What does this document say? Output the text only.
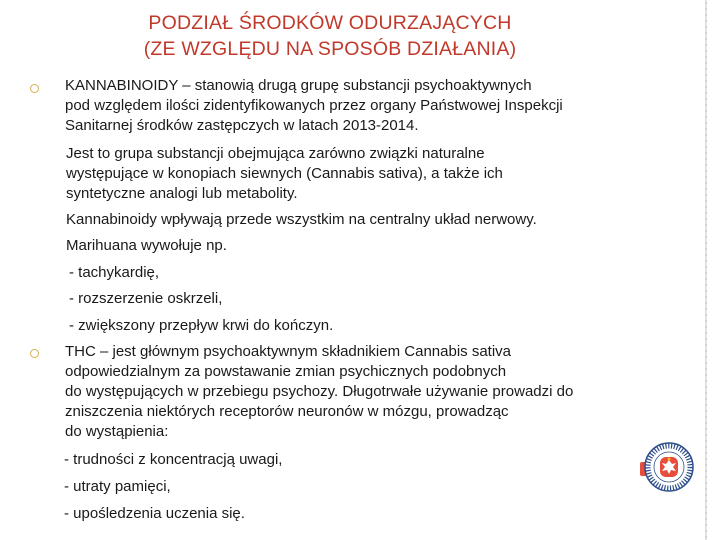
PODZIAŁ ŚRODKÓW ODURZAJĄCYCH
(ZE WZGLĘDU NA SPOSÓB DZIAŁANIA)
KANNABINOIDY – stanowią drugą grupę substancji psychoaktywnych
pod względem ilości zidentyfikowanych przez organy Państwowej Inspekcji
Sanitarnej środków zastępczych w latach 2013-2014.
Jest to grupa substancji obejmująca zarówno związki naturalne
występujące w konopiach siewnych (Cannabis sativa), a także ich
syntetyczne analogi lub metabolity.
Kannabinoidy wpływają przede wszystkim na centralny układ nerwowy.
Marihuana wywołuje np.
- tachykardię,
- rozszerzenie oskrzeli,
- zwiększony przepływ krwi do kończyn.
THC – jest głównym psychoaktywnym składnikiem Cannabis sativa
odpowiedzialnym za powstawanie zmian psychicznych podobnych
do występujących w przebiegu psychozy. Długotrwałe używanie prowadzi do
zniszczenia niektórych receptorów neuronów w mózgu, prowadząc
do wystąpienia:
- trudności z koncentracją uwagi,
- utraty pamięci,
- upośledzenia uczenia się.
